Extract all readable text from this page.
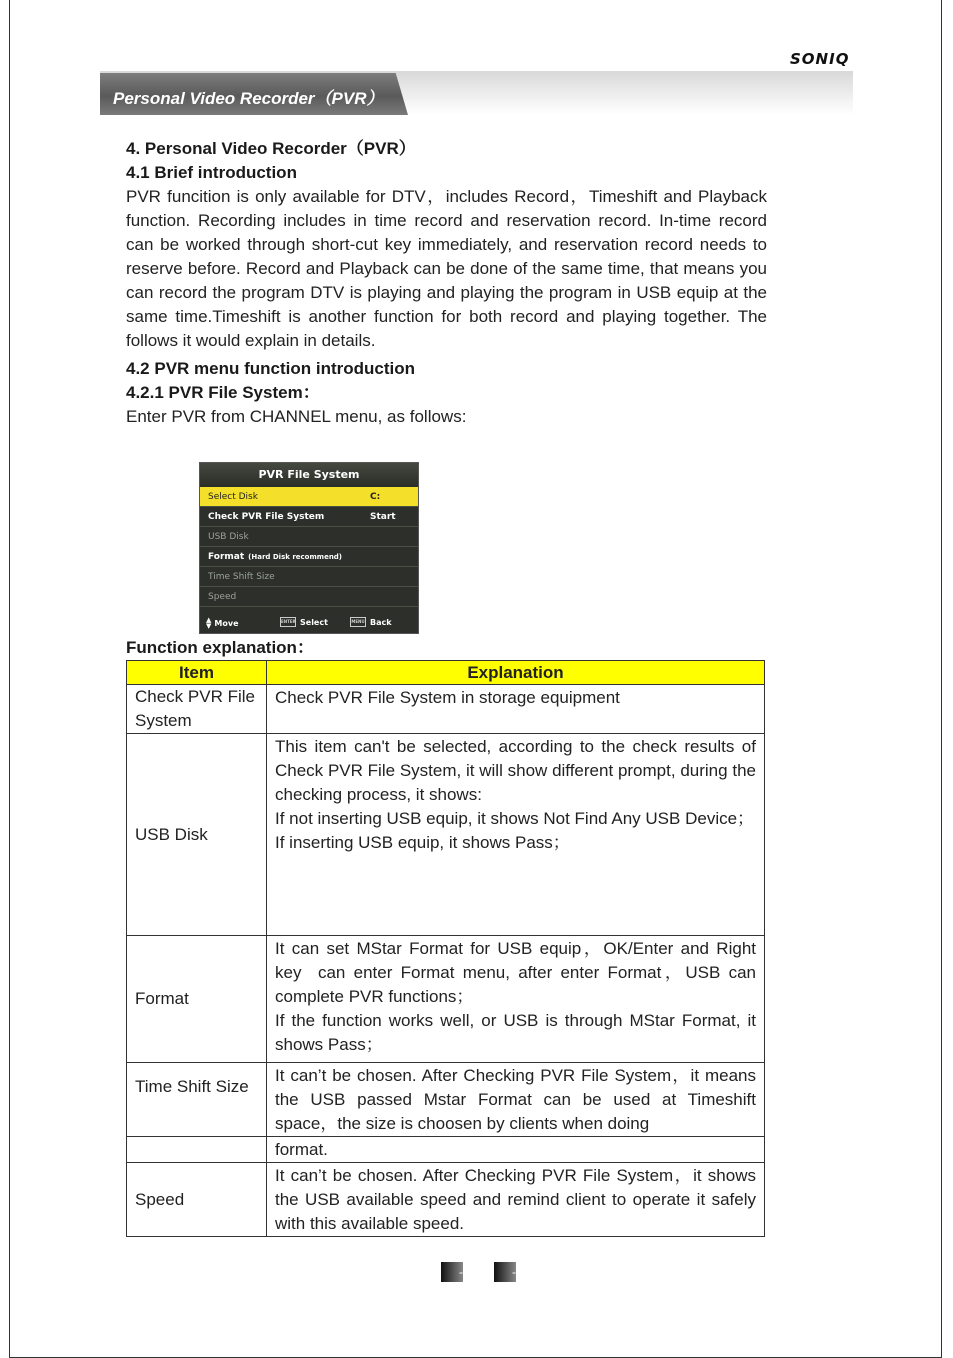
SONIQ
Personal Video Recorder（PVR）

4. Personal Video Recorder（PVR）

4.1 Brief introduction

PVR funcition is only available for DTV，includes Record，Timeshift and Playback function. Recording includes in time record and reservation record. In-time record can be worked through short-cut key immediately, and reservation record needs to reserve before. Record and Playback can be done of the same time, that means you can record the program DTV is playing and playing the program in USB equip at the same time.Timeshift is another function for both record and playing together. The follows it would explain in details.

4.2 PVR menu function introduction

4.2.1 PVR File System：

Enter PVR from CHANNEL menu, as follows:

PVR File System
Select Disk	C:
Check PVR File System	Start
USB Disk
Format (Hard Disk recommend)
Time Shift Size
Speed
▲
▼ Move	ENTER Select	MENU Back
Function explanation：
Item	Explanation
Check PVR File System	Check PVR File System in storage equipment
USB Disk	This item can't be selected, according to the check results of Check PVR File System, it will show different prompt, during the checking process, it shows:
If not inserting USB equip, it shows Not Find Any USB Device；
If inserting USB equip, it shows Pass；

Format	It can set MStar Format for USB equip，OK/Enter and Right key  can enter Format menu, after enter Format，USB can complete PVR functions；
If the function works well, or USB is through MStar Format, it shows Pass；

Time Shift Size	It can’t be chosen. After Checking PVR File System，it means the USB passed Mstar Format can be used at Timeshift space，the size is choosen by clients when doing
	format.
Speed	It can’t be chosen. After Checking PVR File System，it shows the USB available speed and remind client to operate it safely with this available speed.
-	-
